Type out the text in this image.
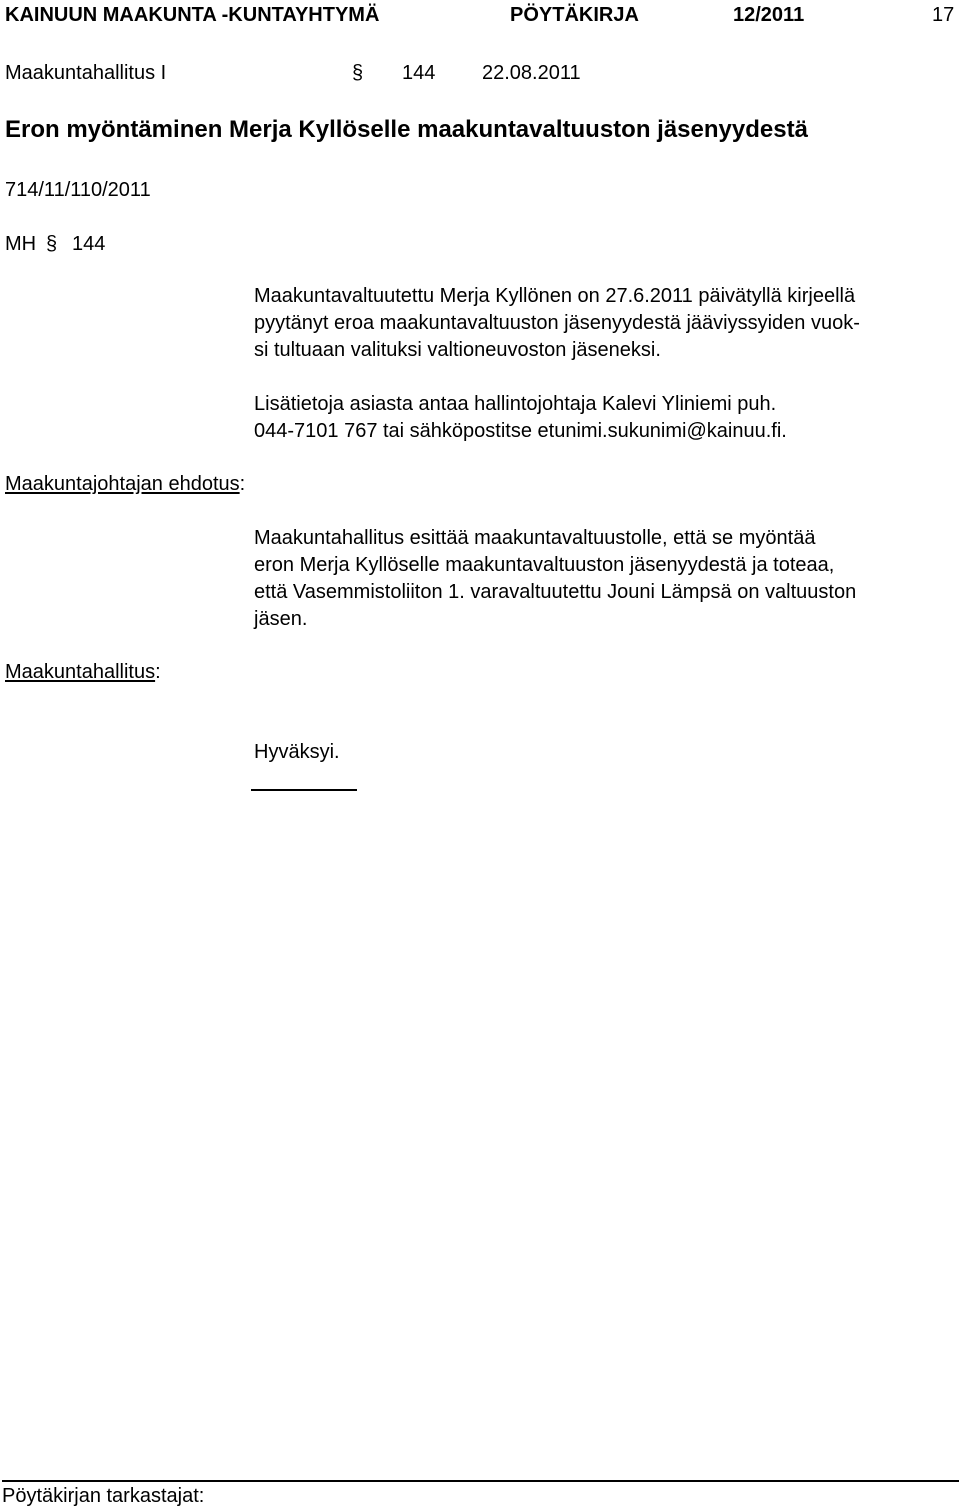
KAINUUN MAAKUNTA -KUNTAYHTYMÄ	PÖYTÄKIRJA	12/2011	17
Maakuntahallitus I	§ 144 22.08.2011
Eron myöntäminen Merja Kyllöselle maakuntavaltuuston jäsenyydestä
714/11/110/2011
MH § 144
Maakuntavaltuutettu Merja Kyllönen on 27.6.2011 päivätyllä kirjeellä
pyytänyt eroa maakuntavaltuuston jäsenyydestä jääviyssyiden vuok-
si tultuaan valituksi valtioneuvoston jäseneksi.
Lisätietoja asiasta antaa hallintojohtaja Kalevi Yliniemi puh.
044-7101 767 tai sähköpostitse etunimi.sukunimi@kainuu.fi.
Maakuntajohtajan ehdotus:
Maakuntahallitus esittää maakuntavaltuustolle, että se myöntää
eron Merja Kyllöselle maakuntavaltuuston jäsenyydestä ja toteaa,
että Vasemmistoliiton 1. varavaltuutettu Jouni Lämpsä on valtuuston
jäsen.
Maakuntahallitus:
Hyväksyi.
Pöytäkirjan tarkastajat:
